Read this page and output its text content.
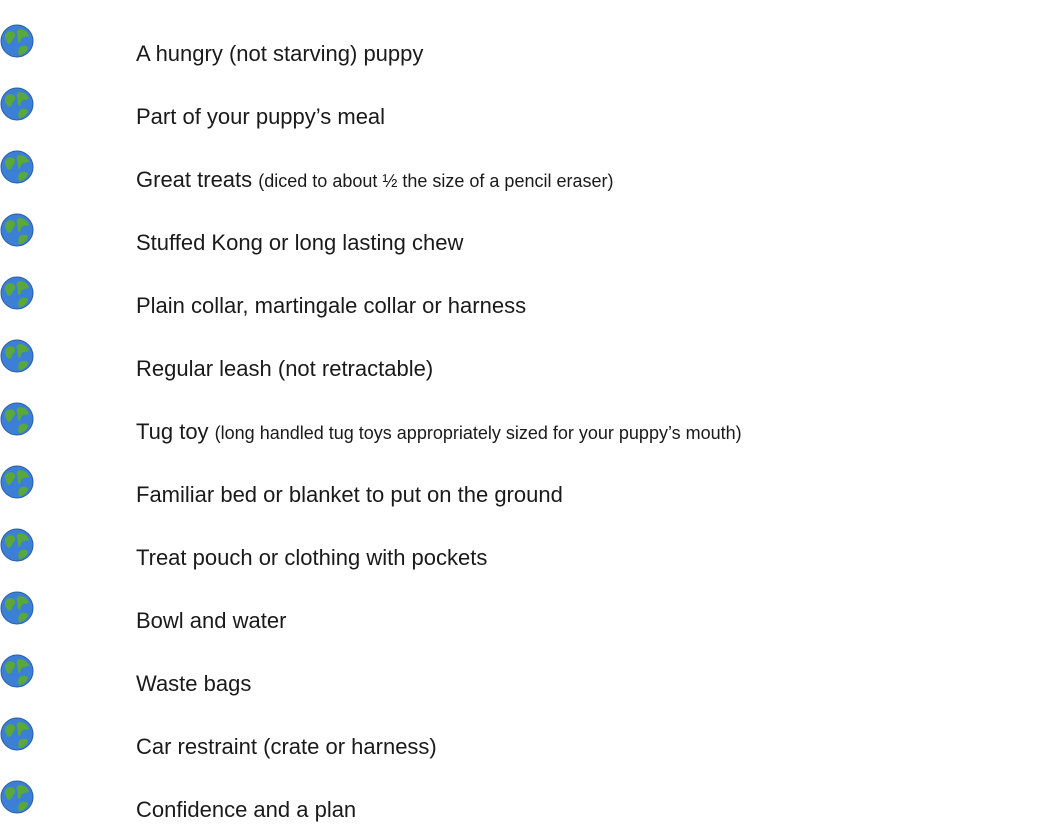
A hungry (not starving) puppy
Part of your puppy’s meal
Great treats (diced to about ½ the size of a pencil eraser)
Stuffed Kong or long lasting chew
Plain collar, martingale collar or harness
Regular leash (not retractable)
Tug toy (long handled tug toys appropriately sized for your puppy’s mouth)
Familiar bed or blanket to put on the ground
Treat pouch or clothing with pockets
Bowl and water
Waste bags
Car restraint (crate or harness)
Confidence and a plan
